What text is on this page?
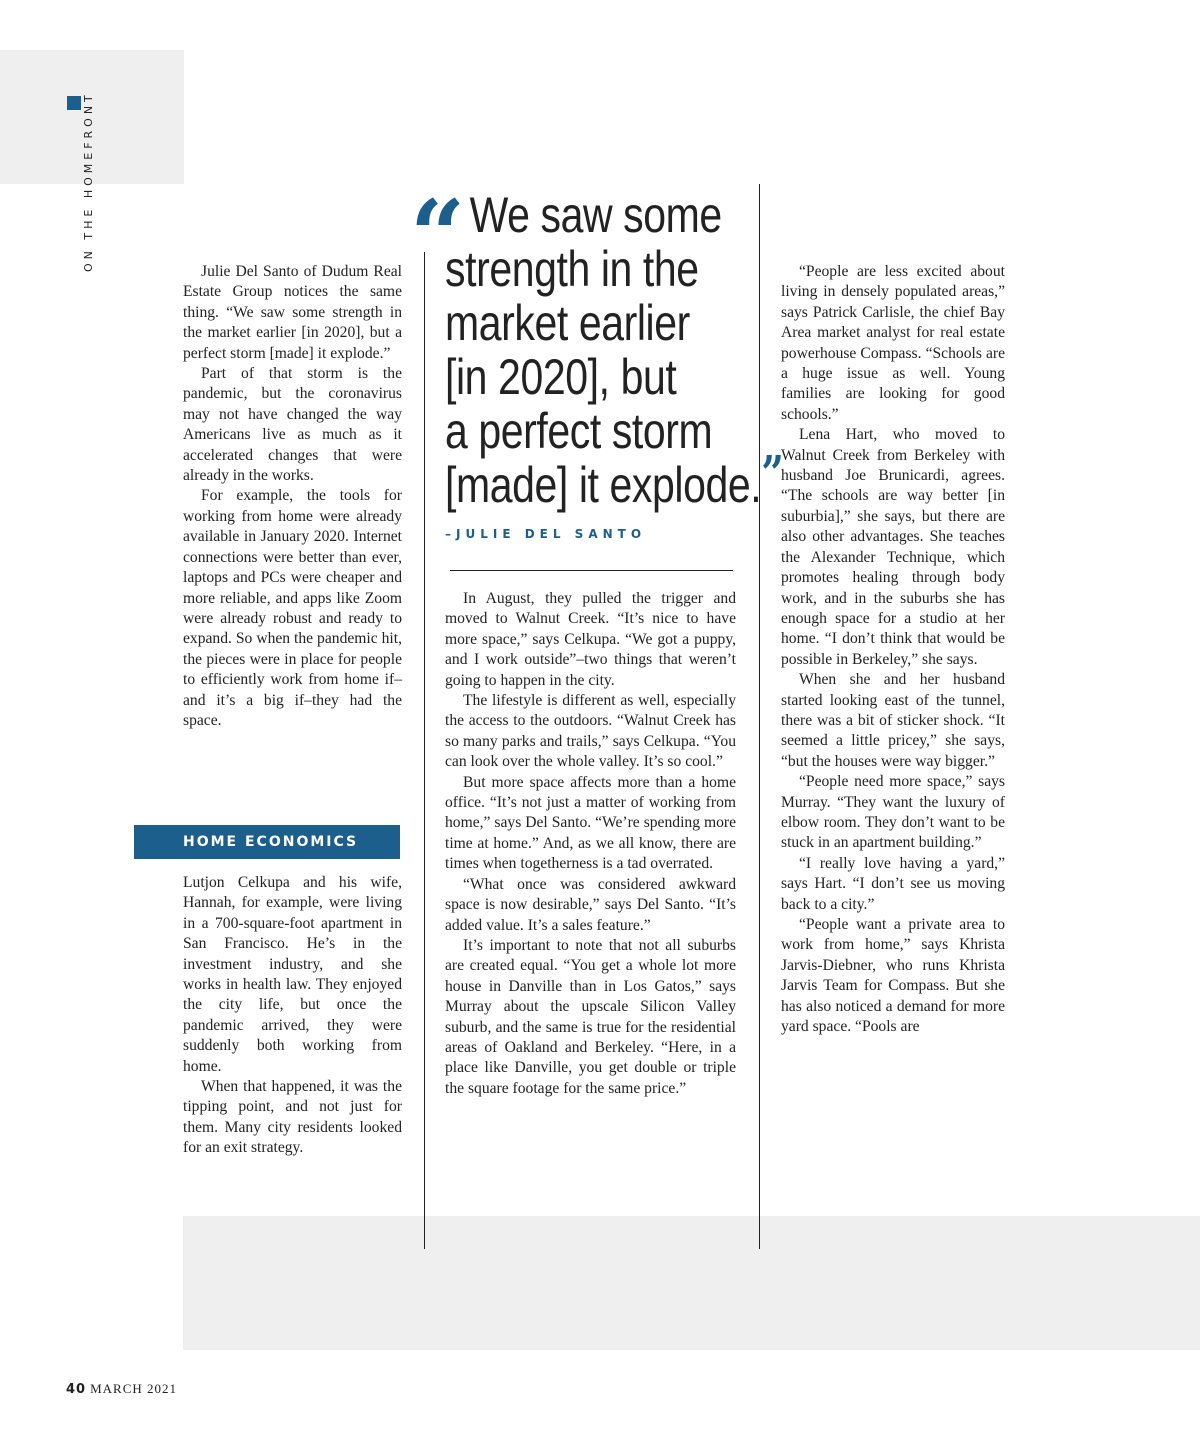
ON THE HOMEFRONT	Julie Del Santo of Dudum Real Estate Group notices the same thing. “We saw some strength in the market earlier [in 2020], but a perfect storm [made] it explode.”

Part of that storm is the pandemic, but the coronavirus may not have changed the way Americans live as much as it accelerated changes that were already in the works.

For example, the tools for working from home were already available in January 2020. Internet connections were better than ever, laptops and PCs were cheaper and more reliable, and apps like Zoom were already robust and ready to expand. So when the pandemic hit, the pieces were in place for people to efficiently work from home if–and it’s a big if–they had the space.

HOME ECONOMICS

Lutjon Celkupa and his wife, Hannah, for example, were living in a 700-square-foot apartment in San Francisco. He’s in the investment industry, and she works in health law. They enjoyed the city life, but once the pandemic arrived, they were suddenly both working from home.

When that happened, it was the tipping point, and not just for them. Many city residents looked for an exit strategy.

“ We saw some
strength in the
market earlier
[in 2020], but
a perfect storm
[made] it explode.”
–JULIE DEL SANTO

In August, they pulled the trigger and moved to Walnut Creek. “It’s nice to have more space,” says Celkupa. “We got a puppy, and I work outside”–two things that weren’t going to happen in the city.

The lifestyle is different as well, especially the access to the outdoors. “Walnut Creek has so many parks and trails,” says Celkupa. “You can look over the whole valley. It’s so cool.”

But more space affects more than a home office. “It’s not just a matter of working from home,” says Del Santo. “We’re spending more time at home.” And, as we all know, there are times when togetherness is a tad overrated.

“What once was considered awkward space is now desirable,” says Del Santo. “It’s added value. It’s a sales feature.”

It’s important to note that not all suburbs are created equal. “You get a whole lot more house in Danville than in Los Gatos,” says Murray about the upscale Silicon Valley suburb, and the same is true for the residential areas of Oakland and Berkeley. “Here, in a place like Danville, you get double or triple the square footage for the same price.”

“People are less excited about living in densely populated areas,” says Patrick Carlisle, the chief Bay Area market analyst for real estate powerhouse Compass. “Schools are a huge issue as well. Young families are looking for good schools.”

Lena Hart, who moved to Walnut Creek from Berkeley with husband Joe Brunicardi, agrees. “The schools are way better [in suburbia],” she says, but there are also other advantages. She teaches the Alexander Technique, which promotes healing through body work, and in the suburbs she has enough space for a studio at her home. “I don’t think that would be possible in Berkeley,” she says.

When she and her husband started looking east of the tunnel, there was a bit of sticker shock. “It seemed a little pricey,” she says, “but the houses were way bigger.”

“People need more space,” says Murray. “They want the luxury of elbow room. They don’t want to be stuck in an apartment building.”

“I really love having a yard,” says Hart. “I don’t see us moving back to a city.”

“People want a private area to work from home,” says Khrista Jarvis-Diebner, who runs Khrista Jarvis Team for Compass. But she has also noticed a demand for more yard space. “Pools are

40 MARCH 2021
